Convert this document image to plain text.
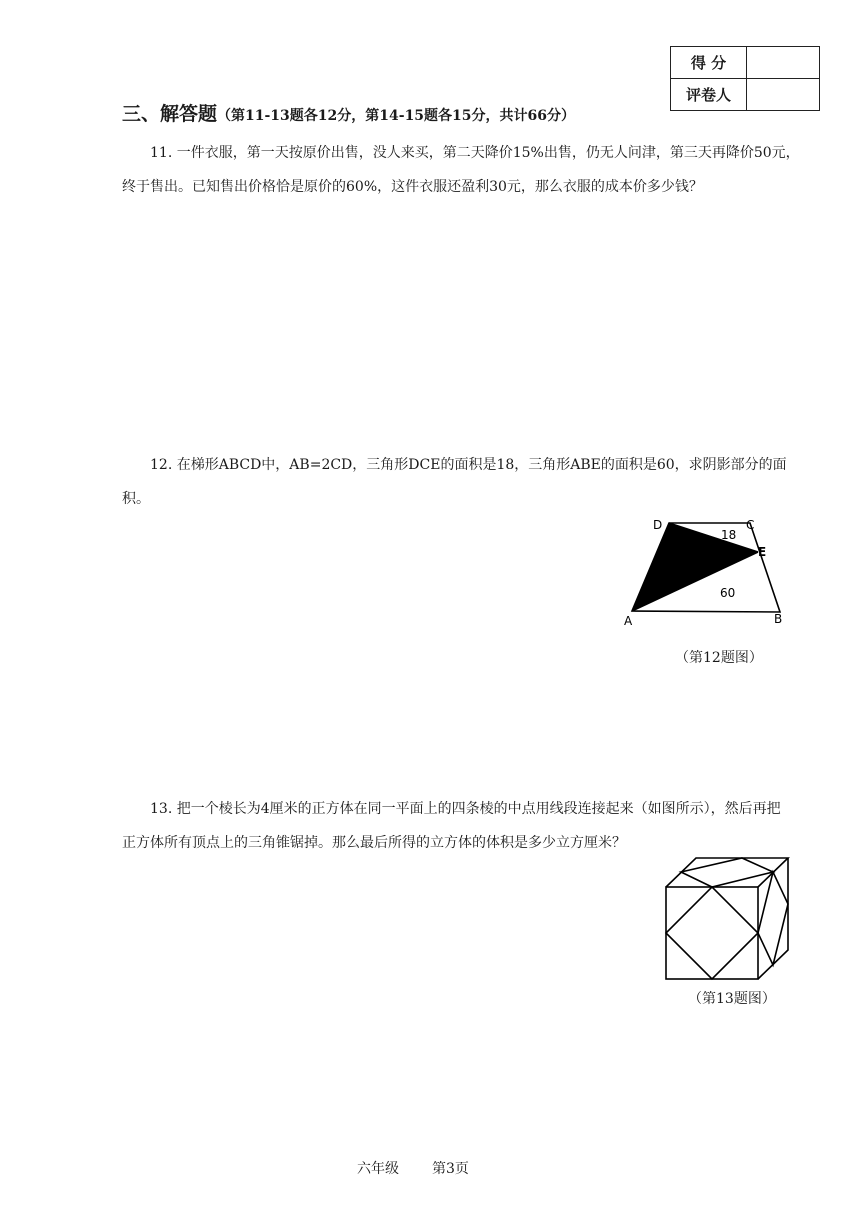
得 分	
评卷人	
三、解答题（第11-13题各12分，第14-15题各15分，共计66分）
11. 一件衣服，第一天按原价出售，没人来买，第二天降价15%出售，仍无人问津，第三天再降价50元，
终于售出。已知售出价格恰是原价的60%，这件衣服还盈利30元，那么衣服的成本价多少钱？
12. 在梯形ABCD中，AB=2CD，三角形DCE的面积是18，三角形ABE的面积是60，求阴影部分的面
积。
D	C
E
A	B
18
60
（第12题图）
13. 把一个棱长为4厘米的正方体在同一平面上的四条棱的中点用线段连接起来（如图所示），然后再把
正方体所有顶点上的三角锥锯掉。那么最后所得的立方体的体积是多少立方厘米？
（第13题图）
六年级 第3页
